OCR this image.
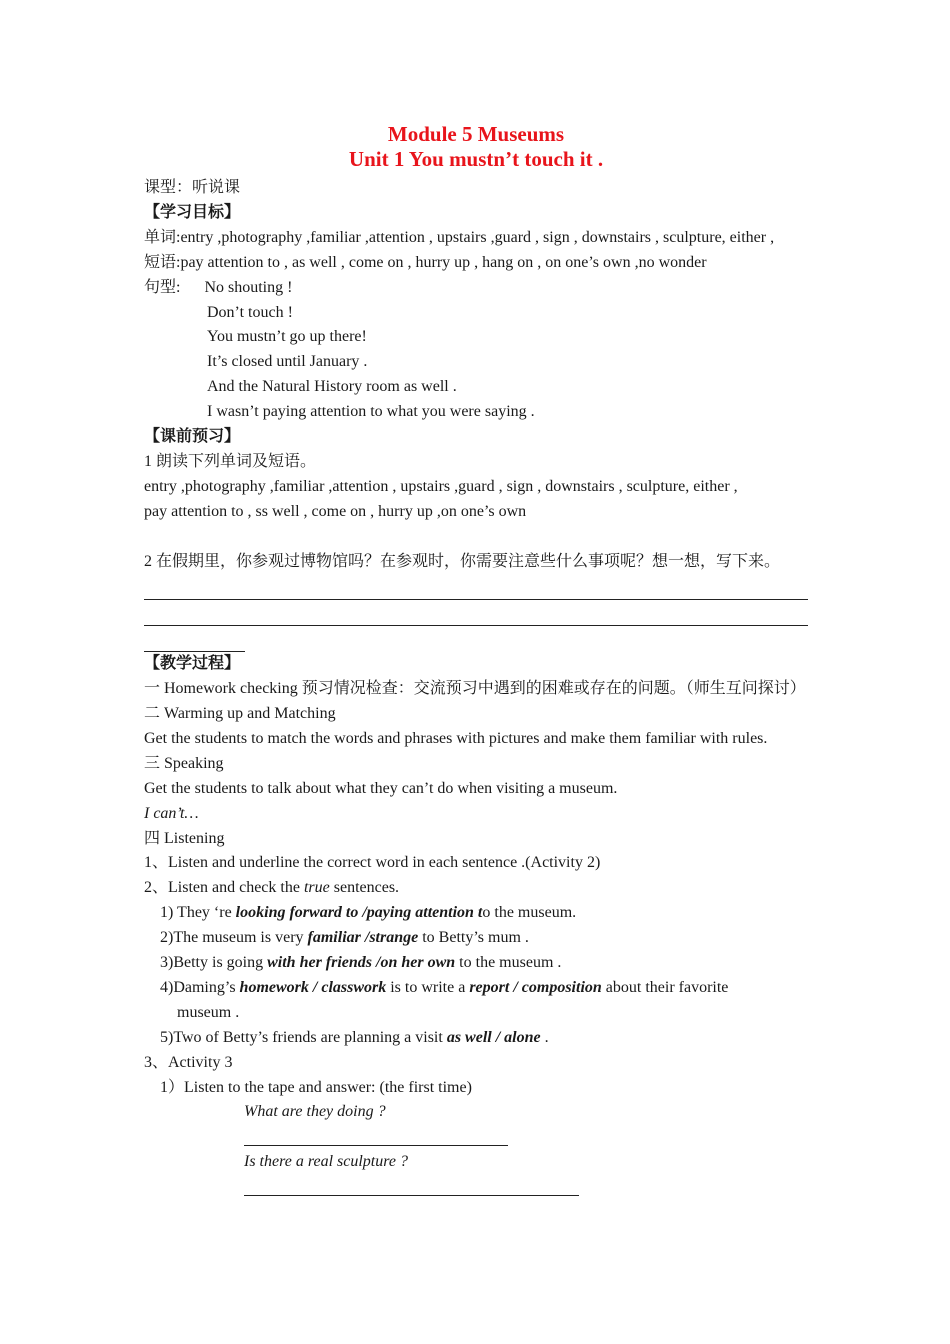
Module 5 Museums
Unit 1 You mustn’t touch it .
课型：听说课
【学习目标】
单词:entry ,photography ,familiar ,attention , upstairs ,guard , sign , downstairs , sculpture, either ,
短语:pay attention to , as well , come on , hurry up , hang on , on one’s own ,no wonder
句型: No shouting !
Don’t touch !
You mustn’t go up there!
It’s closed until January .
And the Natural History room as well .
I wasn’t paying attention to what you were saying .
【课前预习】
1 朗读下列单词及短语。
entry ,photography ,familiar ,attention , upstairs ,guard , sign , downstairs , sculpture, either ,
pay attention to , ss well , come on , hurry up ,on one’s own
2 在假期里，你参观过博物馆吗？在参观时，你需要注意些什么事项呢？想一想，写下来。
【教学过程】
一 Homework checking 预习情况检查：交流预习中遇到的困难或存在的问题。（师生互问探讨）
二 Warming up and Matching
Get the students to match the words and phrases with pictures and make them familiar with rules.
三 Speaking
Get the students to talk about what they can’t do when visiting a museum.
I can’t…
四 Listening
1、Listen and underline the correct word in each sentence .(Activity 2)
2、Listen and check the true sentences.
1) They ‘re looking forward to /paying attention to the museum.
2)The museum is very familiar /strange to Betty’s mum .
3)Betty is going with her friends /on her own to the museum .
4)Daming’s homework / classwork is to write a report / composition about their favorite
museum .
5)Two of Betty’s friends are planning a visit as well / alone .
3、Activity 3
1）Listen to the tape and answer: (the first time)
What are they doing ?
Is there a real sculpture ?
